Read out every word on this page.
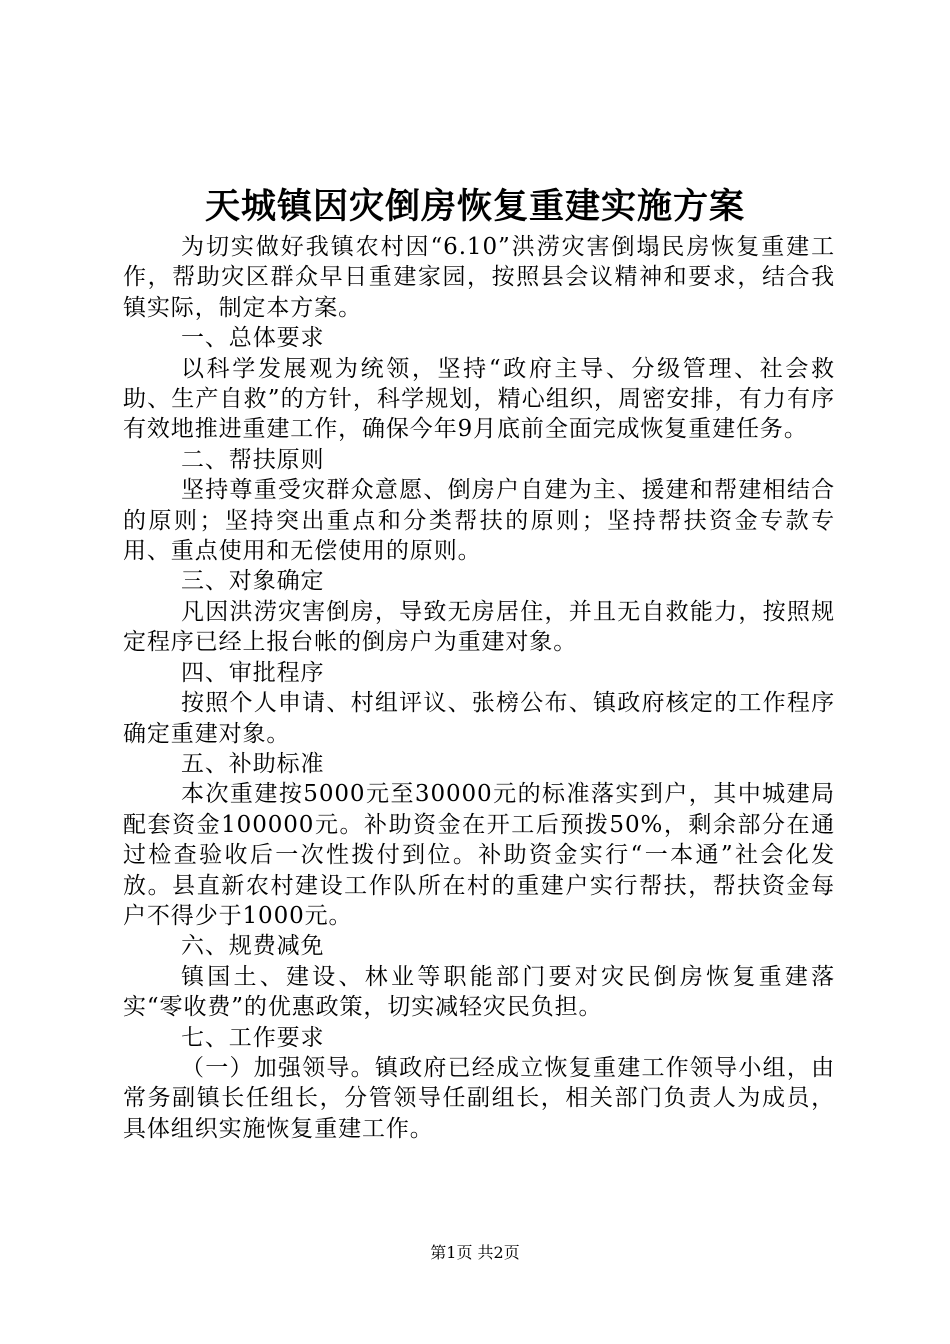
天城镇因灾倒房恢复重建实施方案

为切实做好我镇农村因“6.10”洪涝灾害倒塌民房恢复重建工作，帮助灾区群众早日重建家园，按照县会议精神和要求，结合我镇实际，制定本方案。

一、总体要求

以科学发展观为统领，坚持“政府主导、分级管理、社会救助、生产自救”的方针，科学规划，精心组织，周密安排，有力有序有效地推进重建工作，确保今年9月底前全面完成恢复重建任务。

二、帮扶原则

坚持尊重受灾群众意愿、倒房户自建为主、援建和帮建相结合的原则；坚持突出重点和分类帮扶的原则；坚持帮扶资金专款专用、重点使用和无偿使用的原则。

三、对象确定

凡因洪涝灾害倒房，导致无房居住，并且无自救能力，按照规定程序已经上报台帐的倒房户为重建对象。

四、审批程序

按照个人申请、村组评议、张榜公布、镇政府核定的工作程序确定重建对象。

五、补助标准

本次重建按5000元至30000元的标准落实到户，其中城建局配套资金100000元。补助资金在开工后预拨50%，剩余部分在通过检查验收后一次性拨付到位。补助资金实行“一本通”社会化发放。县直新农村建设工作队所在村的重建户实行帮扶，帮扶资金每户不得少于1000元。

六、规费减免

镇国土、建设、林业等职能部门要对灾民倒房恢复重建落实“零收费”的优惠政策，切实减轻灾民负担。

七、工作要求

（一）加强领导。镇政府已经成立恢复重建工作领导小组，由常务副镇长任组长，分管领导任副组长，相关部门负责人为成员，具体组织实施恢复重建工作。

第1页 共2页
